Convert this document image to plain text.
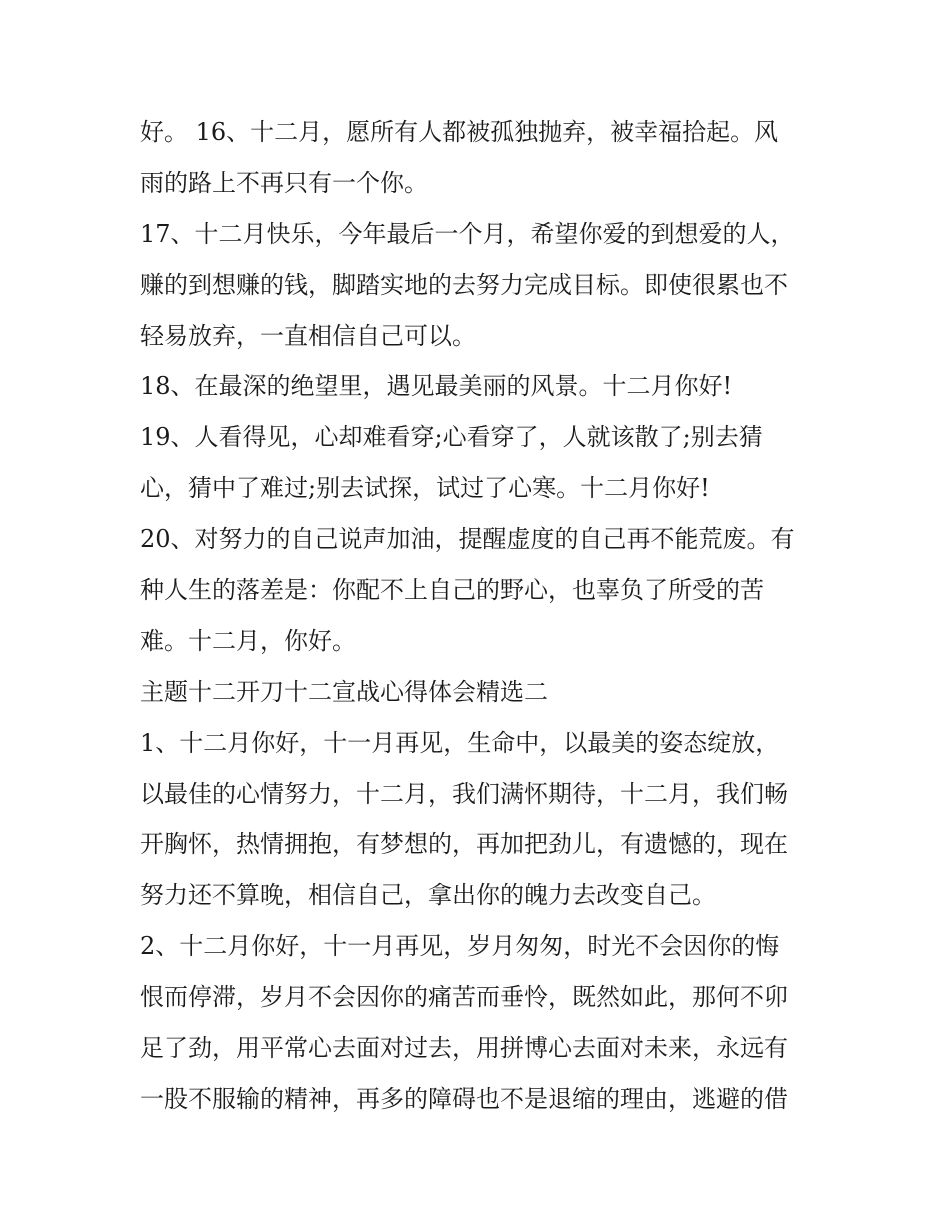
好。 16、十二月，愿所有人都被孤独抛弃，被幸福拾起。风
雨的路上不再只有一个你。
17、十二月快乐，今年最后一个月，希望你爱的到想爱的人，
赚的到想赚的钱，脚踏实地的去努力完成目标。即使很累也不
轻易放弃，一直相信自己可以。
18、在最深的绝望里，遇见最美丽的风景。十二月你好!
19、人看得见，心却难看穿;心看穿了，人就该散了;别去猜
心，猜中了难过;别去试探，试过了心寒。十二月你好!
20、对努力的自己说声加油，提醒虚度的自己再不能荒废。有
种人生的落差是：你配不上自己的野心，也辜负了所受的苦
难。十二月，你好。
主题十二开刀十二宣战心得体会精选二
1、十二月你好，十一月再见，生命中，以最美的姿态绽放，
以最佳的心情努力，十二月，我们满怀期待，十二月，我们畅
开胸怀，热情拥抱，有梦想的，再加把劲儿，有遗憾的，现在
努力还不算晚，相信自己，拿出你的魄力去改变自己。
2、十二月你好，十一月再见，岁月匆匆，时光不会因你的悔
恨而停滞，岁月不会因你的痛苦而垂怜，既然如此，那何不卯
足了劲，用平常心去面对过去，用拼博心去面对未来，永远有
一股不服输的精神，再多的障碍也不是退缩的理由，逃避的借
